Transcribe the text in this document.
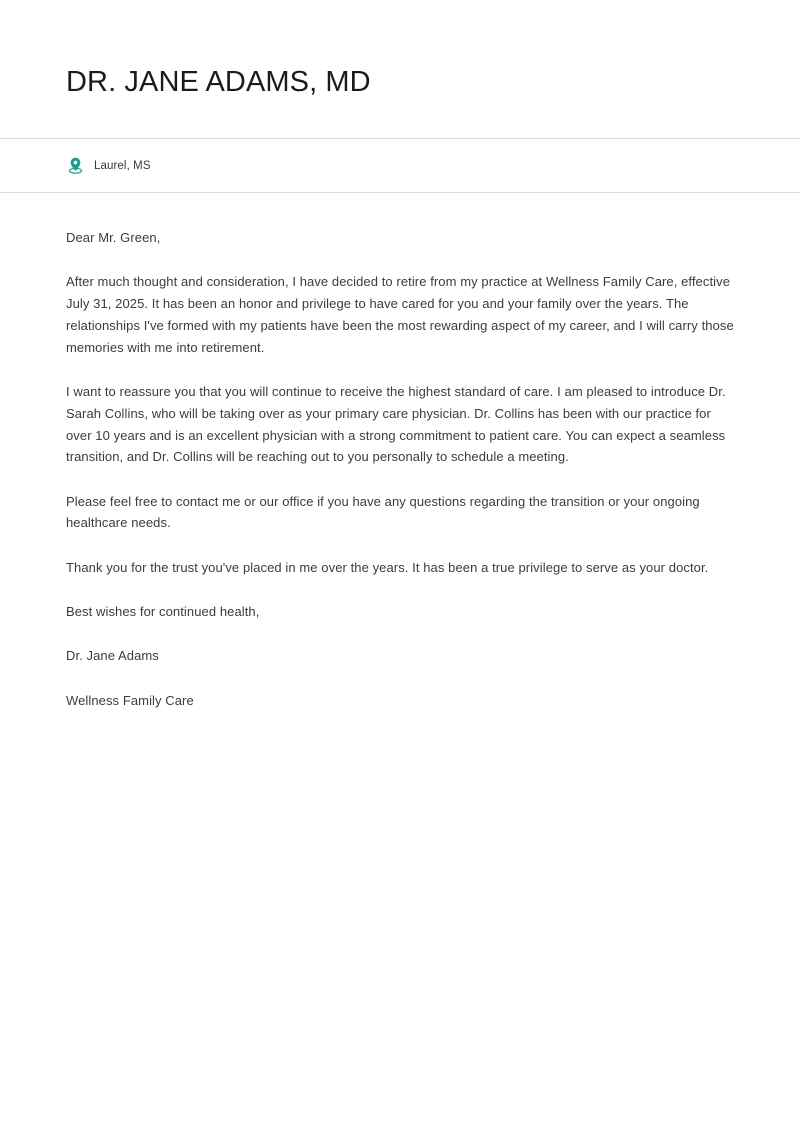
DR. JANE ADAMS, MD
Laurel, MS

Dear Mr. Green,

After much thought and consideration, I have decided to retire from my practice at Wellness Family Care, effective July 31, 2025. It has been an honor and privilege to have cared for you and your family over the years. The relationships I've formed with my patients have been the most rewarding aspect of my career, and I will carry those memories with me into retirement.

I want to reassure you that you will continue to receive the highest standard of care. I am pleased to introduce Dr. Sarah Collins, who will be taking over as your primary care physician. Dr. Collins has been with our practice for over 10 years and is an excellent physician with a strong commitment to patient care. You can expect a seamless transition, and Dr. Collins will be reaching out to you personally to schedule a meeting.

Please feel free to contact me or our office if you have any questions regarding the transition or your ongoing healthcare needs.

Thank you for the trust you've placed in me over the years. It has been a true privilege to serve as your doctor.

Best wishes for continued health,

Dr. Jane Adams

Wellness Family Care
